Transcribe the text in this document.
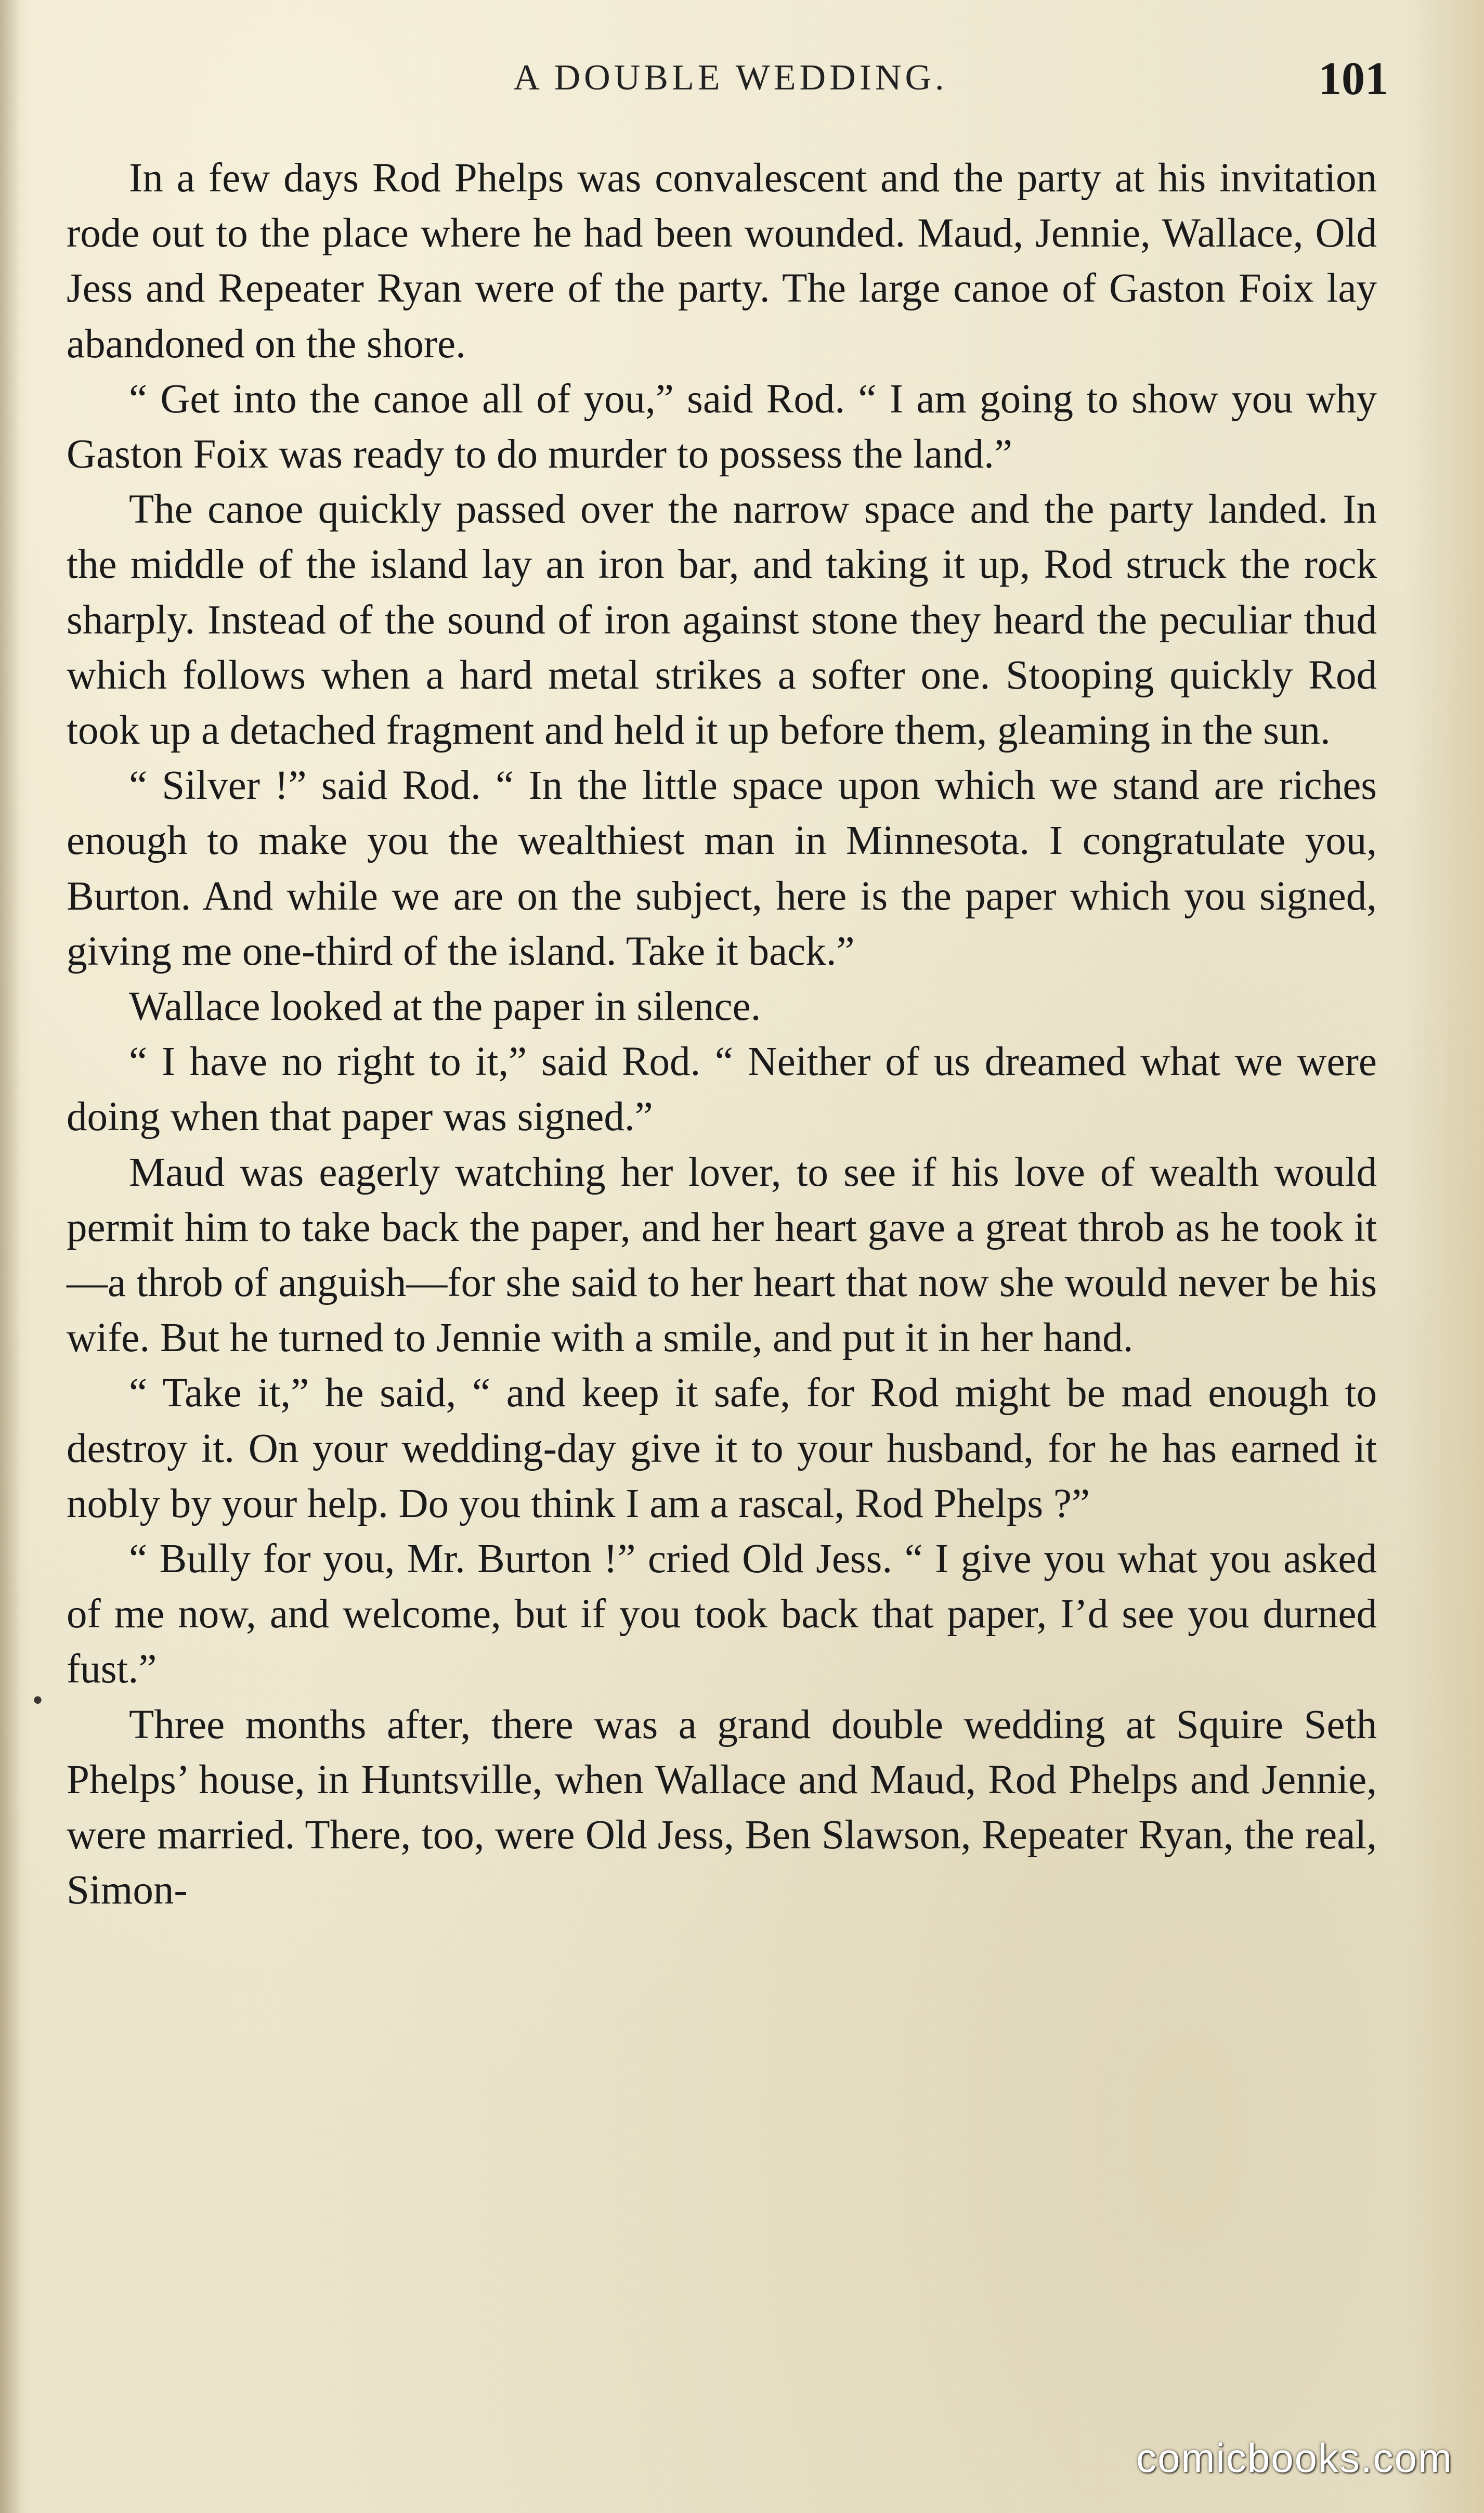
A DOUBLE WEDDING.	101

In a few days Rod Phelps was convalescent and the party at his invitation rode out to the place where he had been wounded. Maud, Jennie, Wallace, Old Jess and Repeater Ryan were of the party. The large canoe of Gaston Foix lay abandoned on the shore.

“ Get into the canoe all of you,” said Rod. “ I am going to show you why Gaston Foix was ready to do murder to possess the land.”

The canoe quickly passed over the narrow space and the party landed. In the middle of the island lay an iron bar, and taking it up, Rod struck the rock sharply. Instead of the sound of iron against stone they heard the peculiar thud which follows when a hard metal strikes a softer one. Stooping quickly Rod took up a detached fragment and held it up before them, gleaming in the sun.

“ Silver !” said Rod. “ In the little space upon which we stand are riches enough to make you the wealthiest man in Minnesota. I congratulate you, Burton. And while we are on the subject, here is the paper which you signed, giving me one-third of the island. Take it back.”

Wallace looked at the paper in silence.

“ I have no right to it,” said Rod. “ Neither of us dreamed what we were doing when that paper was signed.”

Maud was eagerly watching her lover, to see if his love of wealth would permit him to take back the paper, and her heart gave a great throb as he took it—a throb of anguish—for she said to her heart that now she would never be his wife. But he turned to Jennie with a smile, and put it in her hand.

“ Take it,” he said, “ and keep it safe, for Rod might be mad enough to destroy it. On your wedding-day give it to your husband, for he has earned it nobly by your help. Do you think I am a rascal, Rod Phelps ?”

“ Bully for you, Mr. Burton !” cried Old Jess. “ I give you what you asked of me now, and welcome, but if you took back that paper, I’d see you durned fust.”

Three months after, there was a grand double wedding at Squire Seth Phelps’ house, in Huntsville, when Wallace and Maud, Rod Phelps and Jennie, were married. There, too, were Old Jess, Ben Slawson, Repeater Ryan, the real, Simon-

•
comicbooks.com
